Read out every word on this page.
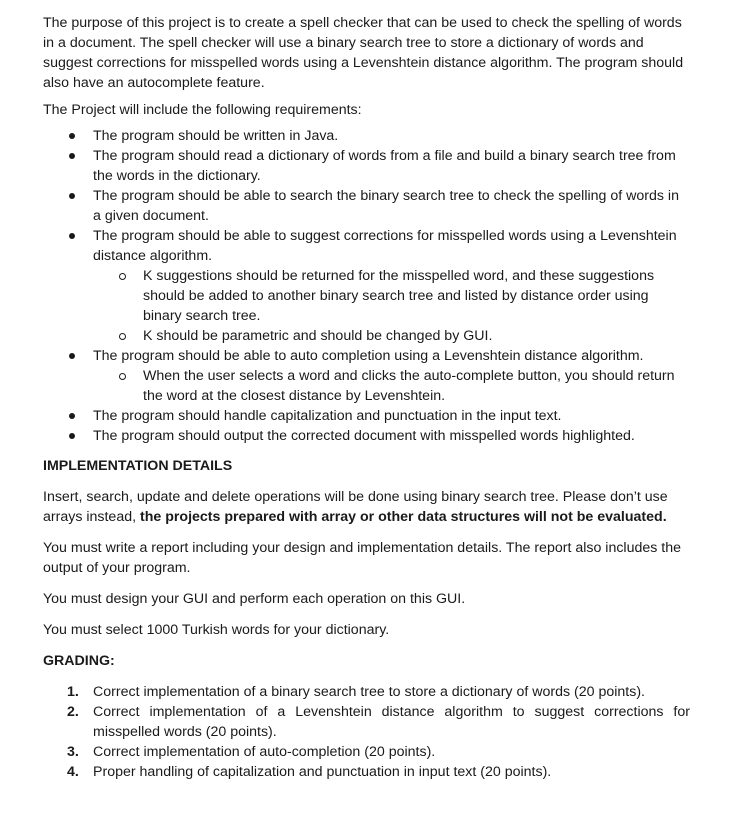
The purpose of this project is to create a spell checker that can be used to check the spelling of words in a document. The spell checker will use a binary search tree to store a dictionary of words and suggest corrections for misspelled words using a Levenshtein distance algorithm. The program should also have an autocomplete feature.

The Project will include the following requirements:

The program should be written in Java.
The program should read a dictionary of words from a file and build a binary search tree from the words in the dictionary.
The program should be able to search the binary search tree to check the spelling of words in a given document.
The program should be able to suggest corrections for misspelled words using a Levenshtein distance algorithm.
K suggestions should be returned for the misspelled word, and these suggestions should be added to another binary search tree and listed by distance order using binary search tree.
K should be parametric and should be changed by GUI.
The program should be able to auto completion using a Levenshtein distance algorithm.
When the user selects a word and clicks the auto-complete button, you should return the word at the closest distance by Levenshtein.
The program should handle capitalization and punctuation in the input text.
The program should output the corrected document with misspelled words highlighted.
IMPLEMENTATION DETAILS

Insert, search, update and delete operations will be done using binary search tree. Please don’t use arrays instead, the projects prepared with array or other data structures will not be evaluated.

You must write a report including your design and implementation details. The report also includes the output of your program.

You must design your GUI and perform each operation on this GUI.

You must select 1000 Turkish words for your dictionary.

GRADING:
1. Correct implementation of a binary search tree to store a dictionary of words (20 points).
2. Correct implementation of a Levenshtein distance algorithm to suggest corrections for misspelled words (20 points).
3. Correct implementation of auto-completion (20 points).
4. Proper handling of capitalization and punctuation in input text (20 points).
